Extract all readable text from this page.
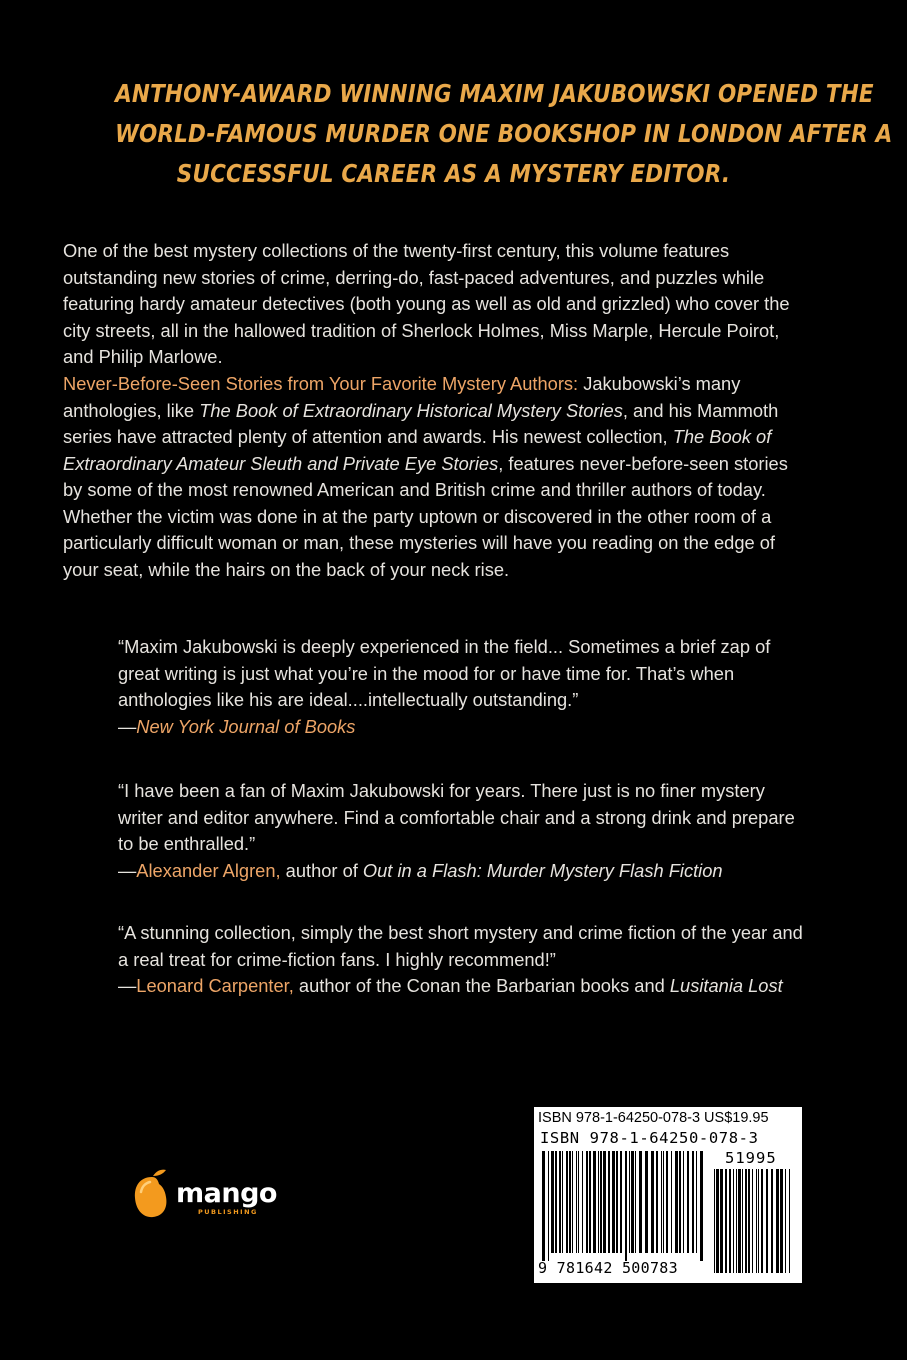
ANTHONY-AWARD WINNING MAXIM JAKUBOWSKI OPENED THE
WORLD-FAMOUS MURDER ONE BOOKSHOP IN LONDON AFTER A
SUCCESSFUL CAREER AS A MYSTERY EDITOR.

One of the best mystery collections of the twenty-first century, this volume features outstanding new stories of crime, derring-do, fast-paced adventures, and puzzles while featuring hardy amateur detectives (both young as well as old and grizzled) who cover the city streets, all in the hallowed tradition of Sherlock Holmes, Miss Marple, Hercule Poirot, and Philip Marlowe.

Never-Before-Seen Stories from Your Favorite Mystery Authors: Jakubowski’s many anthologies, like The Book of Extraordinary Historical Mystery Stories, and his Mammoth series have attracted plenty of attention and awards. His newest collection, The Book of Extraordinary Amateur Sleuth and Private Eye Stories, features never-before-seen stories by some of the most renowned American and British crime and thriller authors of today. Whether the victim was done in at the party uptown or discovered in the other room of a particularly difficult woman or man, these mysteries will have you reading on the edge of your seat, while the hairs on the back of your neck rise.

“Maxim Jakubowski is deeply experienced in the field... Sometimes a brief zap of great writing is just what you’re in the mood for or have time for. That’s when anthologies like his are ideal....intellectually outstanding.”
—New York Journal of Books
“I have been a fan of Maxim Jakubowski for years. There just is no finer mystery writer and editor anywhere. Find a comfortable chair and a strong drink and prepare to be enthralled.”
—Alexander Algren, author of Out in a Flash: Murder Mystery Flash Fiction
“A stunning collection, simply the best short mystery and crime fiction of the year and a real treat for crime-fiction fans. I highly recommend!”
—Leonard Carpenter, author of the Conan the Barbarian books and Lusitania Lost
mango
PUBLISHING
ISBN 978-1-64250-078-3 US$19.95
ISBN 978-1-64250-078-3
51995
9 781642 500783
